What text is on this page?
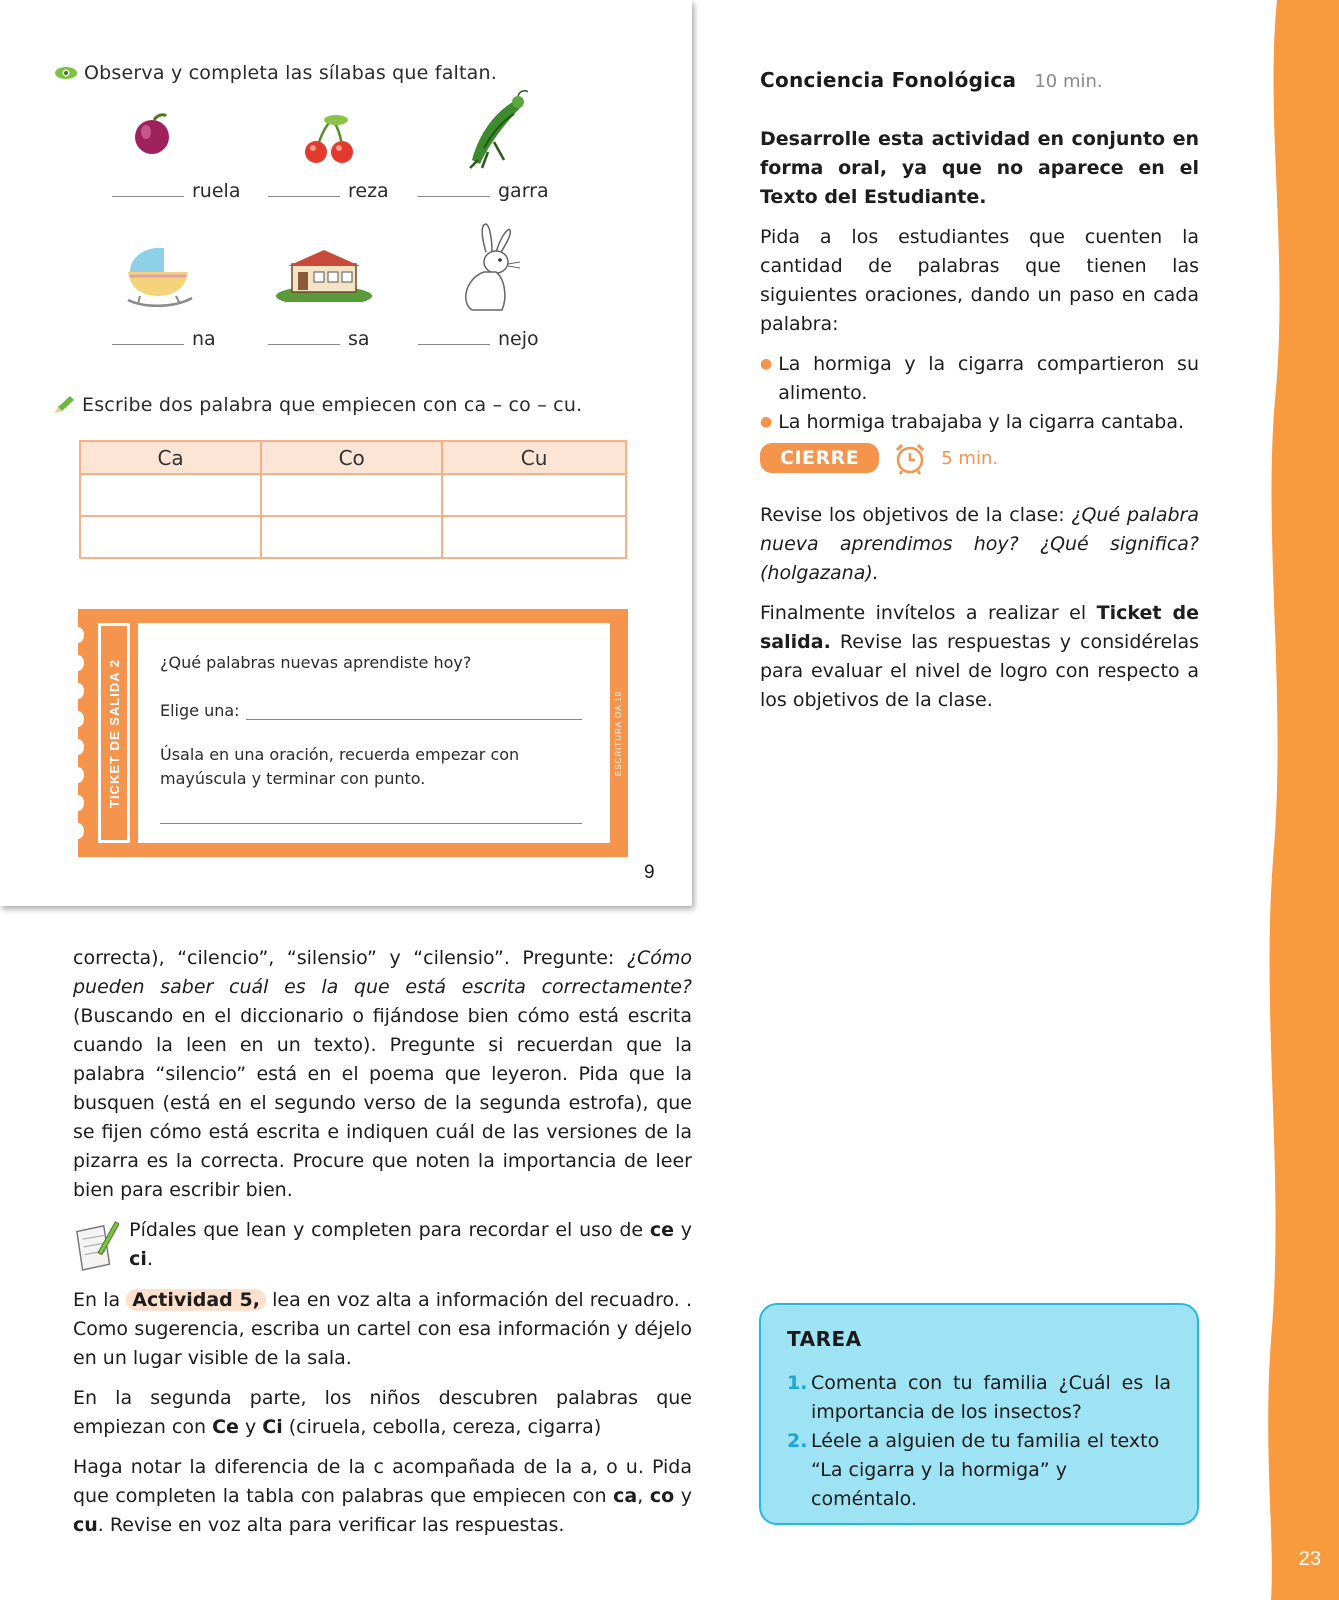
23
Observa y completa las sílabas que faltan.
ruela	reza	garra
na	sa	nejo
Escribe dos palabra que empiecen con ca – co – cu.
Ca	Co	Cu

TICKET DE SALIDA 2 ¿Qué palabras nuevas aprendiste hoy?
Elige una:
Úsala en una oración, recuerda empezar con
mayúscula y terminar con punto.
ESCRITURA OA 18
9
Conciencia Fonológica 10 min.

Desarrolle esta actividad en conjunto en forma oral, ya que no aparece en el Texto del Estudiante.

Pida a los estudiantes que cuenten la cantidad de palabras que tienen las siguientes oraciones, dando un paso en cada palabra:

● La hormiga y la cigarra compartieron su alimento.
● La hormiga trabajaba y la cigarra cantaba.
CIERRE	5 min.

Revise los objetivos de la clase: ¿Qué palabra nueva aprendimos hoy? ¿Qué significa? (holgazana).

Finalmente invítelos a realizar el Ticket de salida. Revise las respuestas y considérelas para evaluar el nivel de logro con respecto a los objetivos de la clase.

correcta), “cilencio”, “silensio” y “cilensio”. Pregunte: ¿Cómo pueden saber cuál es la que está escrita correctamente? (Buscando en el diccionario o fijándose bien cómo está escrita cuando la leen en un texto). Pregunte si recuerdan que la palabra “silencio” está en el poema que leyeron. Pida que la busquen (está en el segundo verso de la segunda estrofa), que se fijen cómo está escrita e indiquen cuál de las versiones de la pizarra es la correcta. Procure que noten la importancia de leer bien para escribir bien.

Pídales que lean y completen para recordar el uso de ce y ci.

En la Actividad 5, lea en voz alta a información del recuadro. . Como sugerencia, escriba un cartel con esa información y déjelo en un lugar visible de la sala.

En la segunda parte, los niños descubren palabras que empiezan con Ce y Ci (ciruela, cebolla, cereza, cigarra)

Haga notar la diferencia de la c acompañada de la a, o u. Pida que completen la tabla con palabras que empiecen con ca, co y cu. Revise en voz alta para verificar las respuestas.

TAREA
1. Comenta con tu familia ¿Cuál es la importancia de los insectos?
2. Léele a alguien de tu familia el texto “La cigarra y la hormiga” y coméntalo.
